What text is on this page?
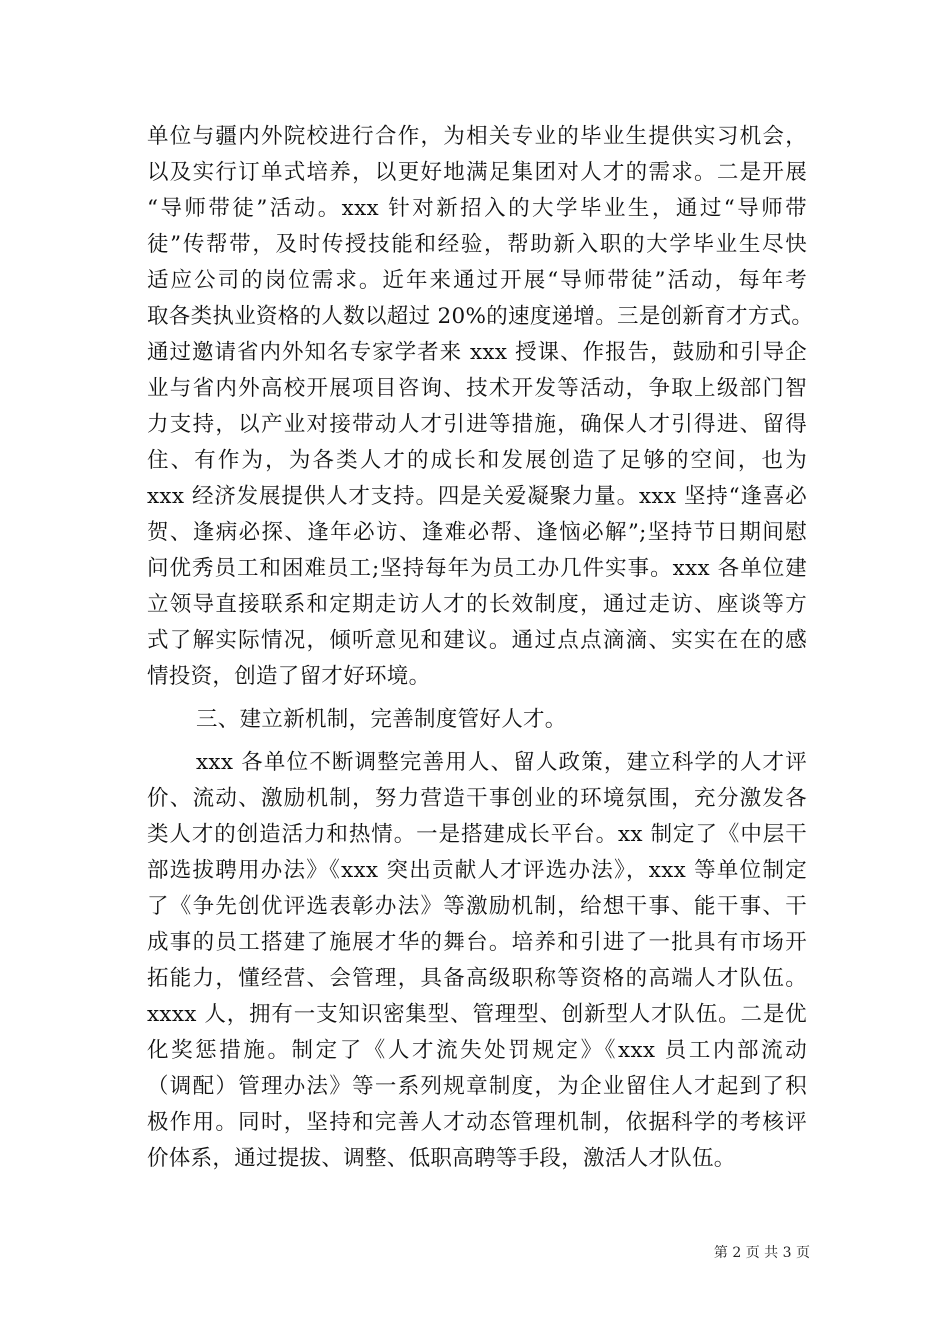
单位与疆内外院校进行合作，为相关专业的毕业生提供实习机会，
以及实行订单式培养，以更好地满足集团对人才的需求。二是开展
“导师带徒”活动。xxx 针对新招入的大学毕业生，通过“导师带
徒”传帮带，及时传授技能和经验，帮助新入职的大学毕业生尽快
适应公司的岗位需求。近年来通过开展“导师带徒”活动，每年考
取各类执业资格的人数以超过 20%的速度递增。三是创新育才方式。
通过邀请省内外知名专家学者来 xxx 授课、作报告，鼓励和引导企
业与省内外高校开展项目咨询、技术开发等活动，争取上级部门智
力支持，以产业对接带动人才引进等措施，确保人才引得进、留得
住、有作为，为各类人才的成长和发展创造了足够的空间，也为
xxx 经济发展提供人才支持。四是关爱凝聚力量。xxx 坚持“逢喜必
贺、逢病必探、逢年必访、逢难必帮、逢恼必解”;坚持节日期间慰
问优秀员工和困难员工;坚持每年为员工办几件实事。xxx 各单位建
立领导直接联系和定期走访人才的长效制度，通过走访、座谈等方
式了解实际情况，倾听意见和建议。通过点点滴滴、实实在在的感
情投资，创造了留才好环境。
三、建立新机制，完善制度管好人才。
xxx 各单位不断调整完善用人、留人政策，建立科学的人才评
价、流动、激励机制，努力营造干事创业的环境氛围，充分激发各
类人才的创造活力和热情。一是搭建成长平台。xx 制定了《中层干
部选拔聘用办法》《xxx 突出贡献人才评选办法》，xxx 等单位制定
了《争先创优评选表彰办法》等激励机制，给想干事、能干事、干
成事的员工搭建了施展才华的舞台。培养和引进了一批具有市场开
拓能力，懂经营、会管理，具备高级职称等资格的高端人才队伍。
xxxx 人，拥有一支知识密集型、管理型、创新型人才队伍。二是优
化奖惩措施。制定了《人才流失处罚规定》《xxx 员工内部流动
（调配）管理办法》等一系列规章制度，为企业留住人才起到了积
极作用。同时，坚持和完善人才动态管理机制，依据科学的考核评
价体系，通过提拔、调整、低职高聘等手段，激活人才队伍。
第 2 页 共 3 页
